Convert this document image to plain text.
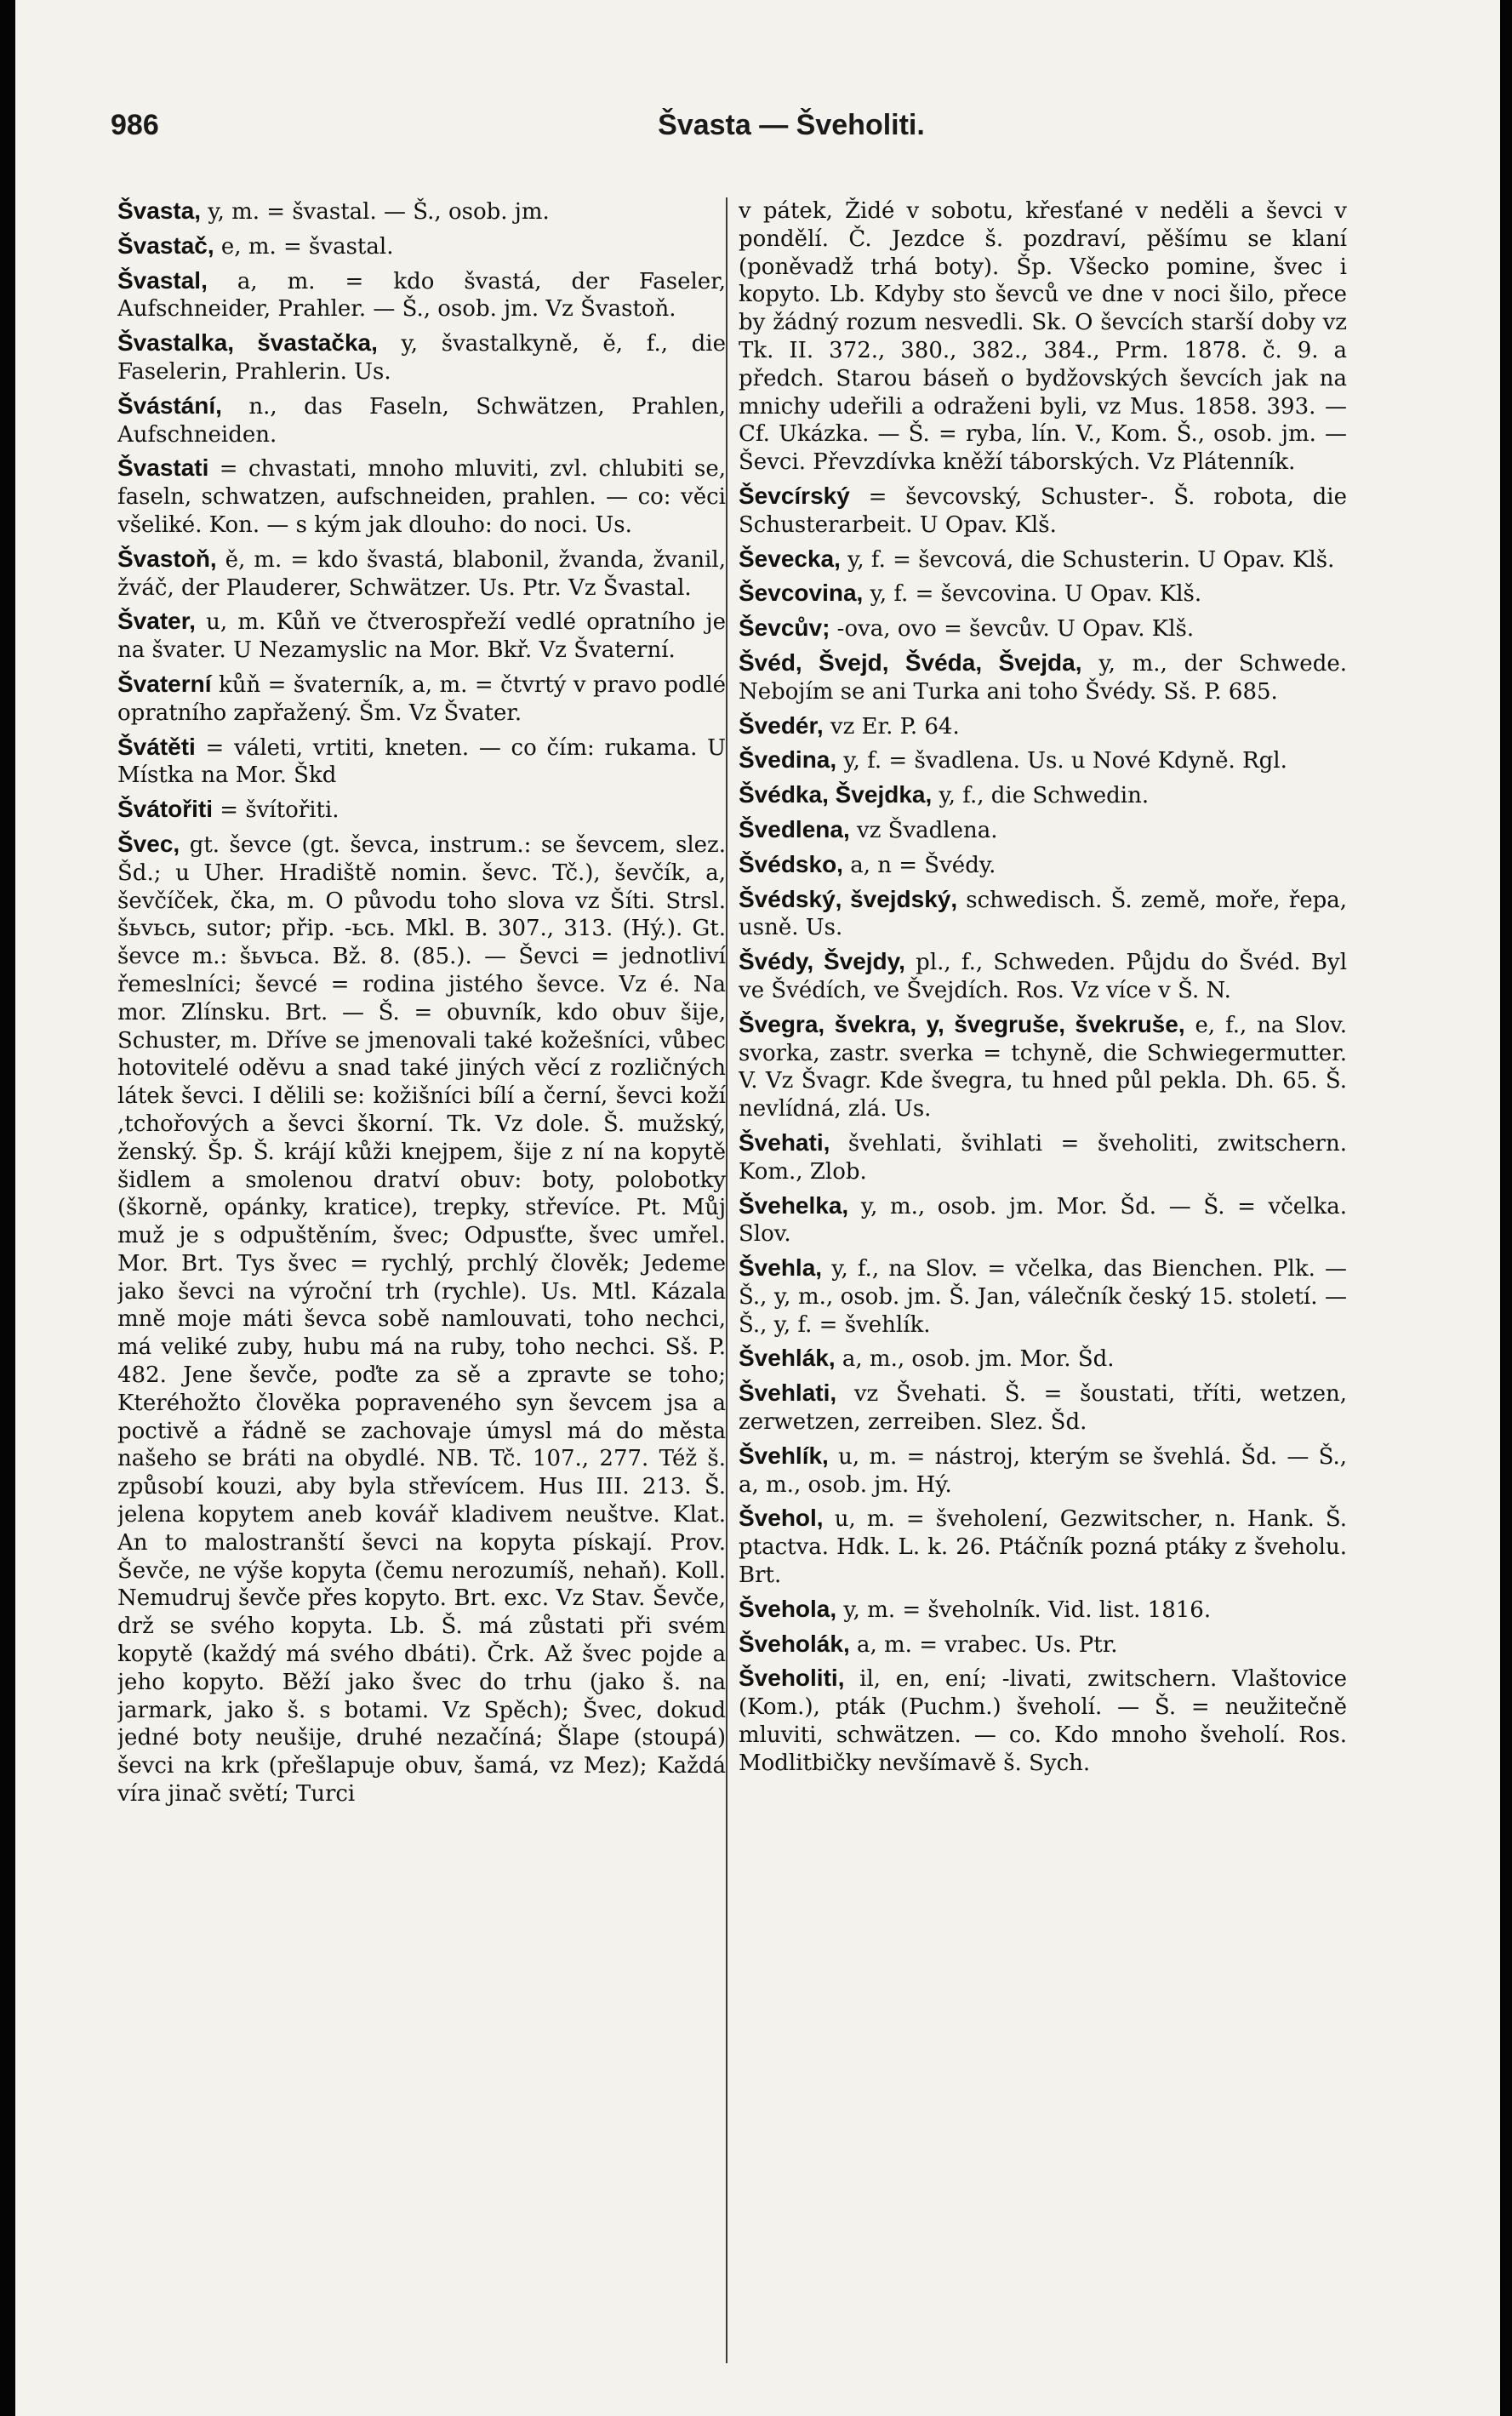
986	Švasta — Šveholiti.

Švasta, y, m. = švastal. — Š., osob. jm.

Švastač, e, m. = švastal.

Švastal, a, m. = kdo švastá, der Faseler, Aufschneider, Prahler. — Š., osob. jm. Vz Švastoň.

Švastalka, švastačka, y, švastalkyně, ě, f., die Faselerin, Prahlerin. Us.

Švástání, n., das Faseln, Schwätzen, Prahlen, Aufschneiden.

Švastati = chvastati, mnoho mluviti, zvl. chlubiti se, faseln, schwatzen, aufschneiden, prahlen. — co: věci všeliké. Kon. — s kým jak dlouho: do noci. Us.

Švastoň, ě, m. = kdo švastá, blabonil, žvanda, žvanil, žváč, der Plauderer, Schwätzer. Us. Ptr. Vz Švastal.

Švater, u, m. Kůň ve čtverospřeží vedlé opratního je na švater. U Nezamyslic na Mor. Bkř. Vz Švaterní.

Švaterní kůň = švaterník, a, m. = čtvrtý v pravo podlé opratního zapřažený. Šm. Vz Švater.

Švátěti = váleti, vrtiti, kneten. — co čím: rukama. U Místka na Mor. Škd

Švátořiti = švítořiti.

Švec, gt. ševce (gt. ševca, instrum.: se ševcem, slez. Šd.; u Uher. Hradiště nomin. ševc. Tč.), ševčík, a, ševčíček, čka, m. O původu toho slova vz Šíti. Strsl. šьvьcь, sutor; přip. -ьсь. Mkl. B. 307., 313. (Hý.). Gt. ševce m.: šьvьca. Bž. 8. (85.). — Ševci = jednotliví řemeslníci; ševcé = rodina jistého ševce. Vz é. Na mor. Zlínsku. Brt. — Š. = obuvník, kdo obuv šije, Schuster, m. Dříve se jmenovali také kožešníci, vůbec hotovitelé oděvu a snad také jiných věcí z rozličných látek ševci. I dělili se: kožišníci bílí a černí, ševci koží ,tchořových a ševci škorní. Tk. Vz dole. Š. mužský, ženský. Šp. Š. krájí kůži knejpem, šije z ní na kopytě šidlem a smolenou dratví obuv: boty, polobotky (škorně, opánky, kratice), trepky, střevíce. Pt. Můj muž je s odpuštěním, švec; Odpusťte, švec umřel. Mor. Brt. Tys švec = rychlý, prchlý člověk; Jedeme jako ševci na výroční trh (rychle). Us. Mtl. Kázala mně moje máti ševca sobě namlouvati, toho nechci, má veliké zuby, hubu má na ruby, toho nechci. Sš. P. 482. Jene ševče, poďte za sě a zpravte se toho; Kteréhožto člověka popraveného syn ševcem jsa a poctivě a řádně se zachovaje úmysl má do města našeho se bráti na obydlé. NB. Tč. 107., 277. Též š. způsobí kouzi, aby byla střevícem. Hus III. 213. Š. jelena kopytem aneb kovář kladivem neuštve. Klat. An to malostranští ševci na kopyta pískají. Prov. Ševče, ne výše kopyta (čemu nerozumíš, nehaň). Koll. Nemudruj ševče přes kopyto. Brt. exc. Vz Stav. Ševče, drž se svého kopyta. Lb. Š. má zůstati při svém kopytě (každý má svého dbáti). Črk. Až švec pojde a jeho kopyto. Běží jako švec do trhu (jako š. na jarmark, jako š. s botami. Vz Spěch); Švec, dokud jedné boty neušije, druhé nezačíná; Šlape (stoupá) ševci na krk (přešlapuje obuv, šamá, vz Mez); Každá víra jinač světí; Turci

v pátek, Židé v sobotu, křesťané v neděli a ševci v pondělí. Č. Jezdce š. pozdraví, pěšímu se klaní (poněvadž trhá boty). Šp. Všecko pomine, švec i kopyto. Lb. Kdyby sto ševců ve dne v noci šilo, přece by žádný rozum nesvedli. Sk. O ševcích starší doby vz Tk. II. 372., 380., 382., 384., Prm. 1878. č. 9. a předch. Starou báseň o bydžovských ševcích jak na mnichy udeřili a odraženi byli, vz Mus. 1858. 393. — Cf. Ukázka. — Š. = ryba, lín. V., Kom. Š., osob. jm. — Ševci. Převzdívka kněží táborských. Vz Plátenník.

Ševcírský = ševcovský, Schuster-. Š. robota, die Schusterarbeit. U Opav. Klš.

Ševecka, y, f. = ševcová, die Schusterin. U Opav. Klš.

Ševcovina, y, f. = ševcovina. U Opav. Klš.

Ševcův; -ova, ovo = ševcův. U Opav. Klš.

Švéd, Švejd, Švéda, Švejda, y, m., der Schwede. Nebojím se ani Turka ani toho Švédy. Sš. P. 685.

Švedér, vz Er. P. 64.

Švedina, y, f. = švadlena. Us. u Nové Kdyně. Rgl.

Švédka, Švejdka, y, f., die Schwedin.

Švedlena, vz Švadlena.

Švédsko, a, n = Švédy.

Švédský, švejdský, schwedisch. Š. země, moře, řepa, usně. Us.

Švédy, Švejdy, pl., f., Schweden. Půjdu do Švéd. Byl ve Švédích, ve Švejdích. Ros. Vz více v Š. N.

Švegra, švekra, y, švegruše, švekruše, e, f., na Slov. svorka, zastr. sverka = tchyně, die Schwiegermutter. V. Vz Švagr. Kde švegra, tu hned půl pekla. Dh. 65. Š. nevlídná, zlá. Us.

Švehati, švehlati, švihlati = šveholiti, zwitschern. Kom., Zlob.

Švehelka, y, m., osob. jm. Mor. Šd. — Š. = včelka. Slov.

Švehla, y, f., na Slov. = včelka, das Bienchen. Plk. — Š., y, m., osob. jm. Š. Jan, válečník český 15. století. — Š., y, f. = švehlík.

Švehlák, a, m., osob. jm. Mor. Šd.

Švehlati, vz Švehati. Š. = šoustati, tříti, wetzen, zerwetzen, zerreiben. Slez. Šd.

Švehlík, u, m. = nástroj, kterým se švehlá. Šd. — Š., a, m., osob. jm. Hý.

Švehol, u, m. = šveholení, Gezwitscher, n. Hank. Š. ptactva. Hdk. L. k. 26. Ptáčník pozná ptáky z šveholu. Brt.

Švehola, y, m. = šveholník. Vid. list. 1816.

Šveholák, a, m. = vrabec. Us. Ptr.

Šveholiti, il, en, ení; -livati, zwitschern. Vlaštovice (Kom.), pták (Puchm.) šveholí. — Š. = neužitečně mluviti, schwätzen. — co. Kdo mnoho šveholí. Ros. Modlitbičky nevšímavě š. Sych.
